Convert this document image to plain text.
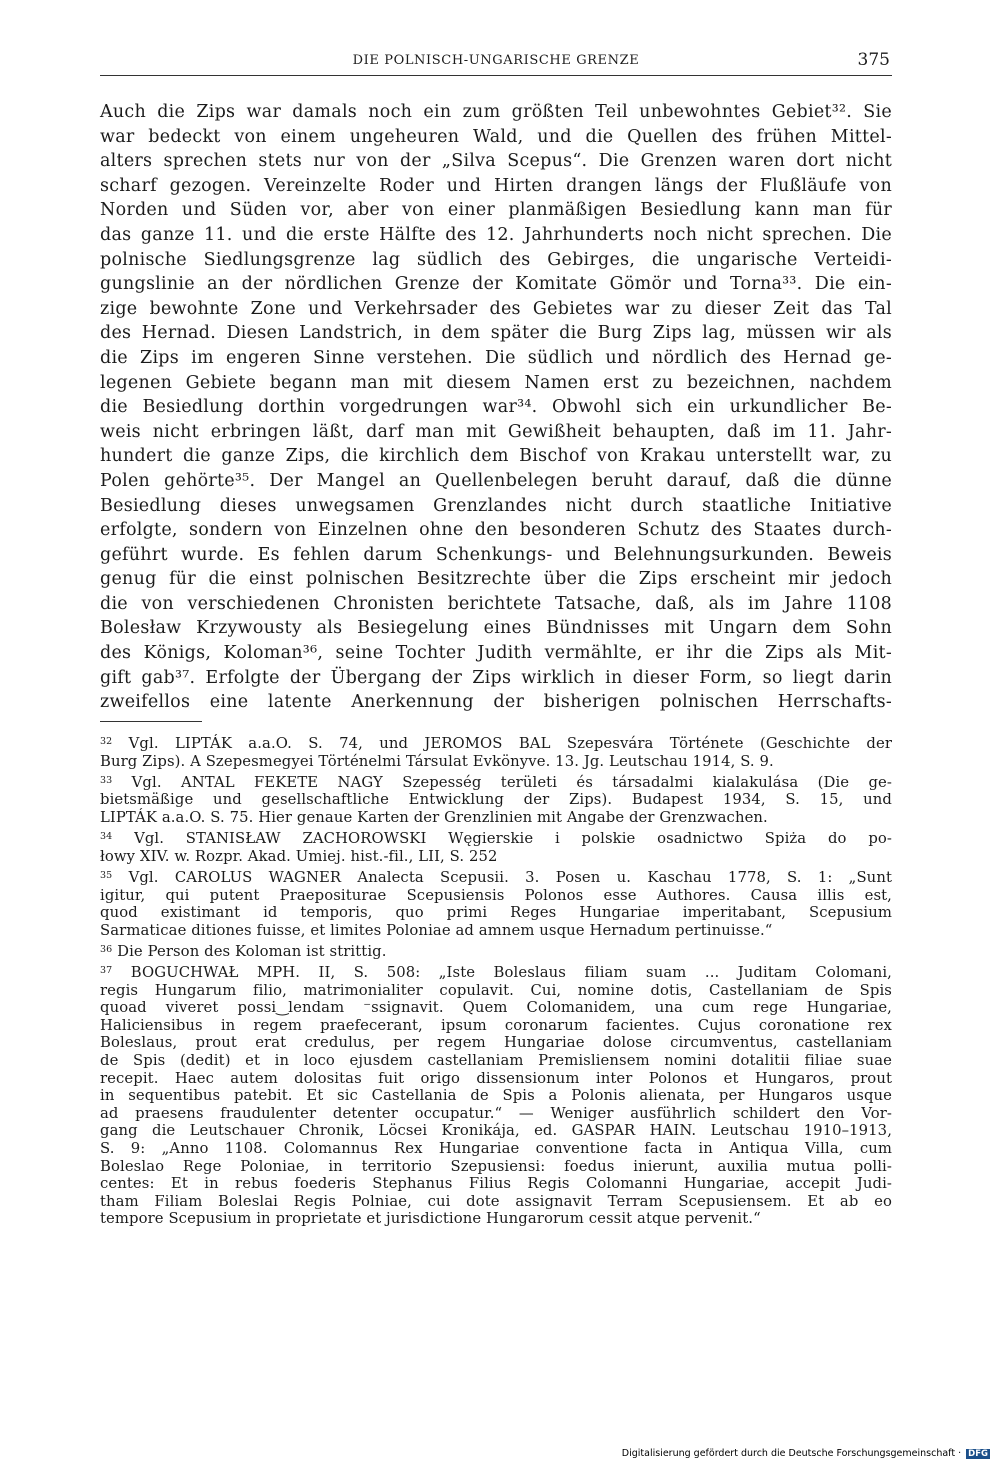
DIE POLNISCH-UNGARISCHE GRENZE	375
Auch die Zips war damals noch ein zum größten Teil unbewohntes Gebiet³². Sie
war bedeckt von einem ungeheuren Wald, und die Quellen des frühen Mittel-
alters sprechen stets nur von der „Silva Scepus“. Die Grenzen waren dort nicht
scharf gezogen. Vereinzelte Roder und Hirten drangen längs der Flußläufe von
Norden und Süden vor, aber von einer planmäßigen Besiedlung kann man für
das ganze 11. und die erste Hälfte des 12. Jahrhunderts noch nicht sprechen. Die
polnische Siedlungsgrenze lag südlich des Gebirges, die ungarische Verteidi-
gungslinie an der nördlichen Grenze der Komitate Gömör und Torna³³. Die ein-
zige bewohnte Zone und Verkehrsader des Gebietes war zu dieser Zeit das Tal
des Hernad. Diesen Landstrich, in dem später die Burg Zips lag, müssen wir als
die Zips im engeren Sinne verstehen. Die südlich und nördlich des Hernad ge-
legenen Gebiete begann man mit diesem Namen erst zu bezeichnen, nachdem
die Besiedlung dorthin vorgedrungen war³⁴. Obwohl sich ein urkundlicher Be-
weis nicht erbringen läßt, darf man mit Gewißheit behaupten, daß im 11. Jahr-
hundert die ganze Zips, die kirchlich dem Bischof von Krakau unterstellt war, zu
Polen gehörte³⁵. Der Mangel an Quellenbelegen beruht darauf, daß die dünne
Besiedlung dieses unwegsamen Grenzlandes nicht durch staatliche Initiative
erfolgte, sondern von Einzelnen ohne den besonderen Schutz des Staates durch-
geführt wurde. Es fehlen darum Schenkungs- und Belehnungsurkunden. Beweis
genug für die einst polnischen Besitzrechte über die Zips erscheint mir jedoch
die von verschiedenen Chronisten berichtete Tatsache, daß, als im Jahre 1108
Bolesław Krzywousty als Besiegelung eines Bündnisses mit Ungarn dem Sohn
des Königs, Koloman³⁶, seine Tochter Judith vermählte, er ihr die Zips als Mit-
gift gab³⁷. Erfolgte der Übergang der Zips wirklich in dieser Form, so liegt darin
zweifellos eine latente Anerkennung der bisherigen polnischen Herrschafts-
$^{32}$ Vgl. LIPTÁK a.a.O. S. 74, und JEROMOS BAL Szepesvára Története (Geschichte der
Burg Zips). A Szepesmegyei Történelmi Társulat Evkönyve. 13. Jg. Leutschau 1914, S. 9.
$^{33}$ Vgl. ANTAL FEKETE NAGY Szepesség területi és társadalmi kialakulása (Die ge-
bietsmäßige und gesellschaftliche Entwicklung der Zips). Budapest 1934, S. 15, und
LIPTÁK a.a.O. S. 75. Hier genaue Karten der Grenzlinien mit Angabe der Grenzwachen.
$^{34}$ Vgl. STANISŁAW ZACHOROWSKI Węgierskie i polskie osadnictwo Spiża do po-
łowy XIV. w. Rozpr. Akad. Umiej. hist.-fil., LII, S. 252
$^{35}$ Vgl. CAROLUS WAGNER Analecta Scepusii. 3. Posen u. Kaschau 1778, S. 1: „Sunt
igitur, qui putent Praepositurae Scepusiensis Polonos esse Authores. Causa illis est,
quod existimant id temporis, quo primi Reges Hungariae imperitabant, Scepusium
Sarmaticae ditiones fuisse, et limites Poloniae ad amnem usque Hernadum pertinuisse.“
$^{36}$ Die Person des Koloman ist strittig.
$^{37}$ BOGUCHWAŁ MPH. II, S. 508: „Iste Boleslaus filiam suam ... Juditam Colomani,
regis Hungarum filio, matrimonialiter copulavit. Cui, nomine dotis, Castellaniam de Spis
quoad viveret possi‿lendam ⁻ssignavit. Quem Colomanidem, una cum rege Hungariae,
Haliciensibus in regem praefecerant, ipsum coronarum facientes. Cujus coronatione rex
Boleslaus, prout erat credulus, per regem Hungariae dolose circumventus, castellaniam
de Spis (dedit) et in loco ejusdem castellaniam Premisliensem nomini dotalitii filiae suae
recepit. Haec autem dolositas fuit origo dissensionum inter Polonos et Hungaros, prout
in sequentibus patebit. Et sic Castellania de Spis a Polonis alienata, per Hungaros usque
ad praesens fraudulenter detenter occupatur.“ — Weniger ausführlich schildert den Vor-
gang die Leutschauer Chronik, Löcsei Kronikája, ed. GASPAR HAIN. Leutschau 1910–1913,
S. 9: „Anno 1108. Colomannus Rex Hungariae conventione facta in Antiqua Villa, cum
Boleslao Rege Poloniae, in territorio Szepusiensi: foedus inierunt, auxilia mutua polli-
centes: Et in rebus foederis Stephanus Filius Regis Colomanni Hungariae, accepit Judi-
tham Filiam Boleslai Regis Polniae, cui dote assignavit Terram Scepusiensem. Et ab eo
tempore Scepusium in proprietate et jurisdictione Hungarorum cessit atque pervenit.“
Digitalisierung gefördert durch die Deutsche Forschungsgemeinschaft · DFG
